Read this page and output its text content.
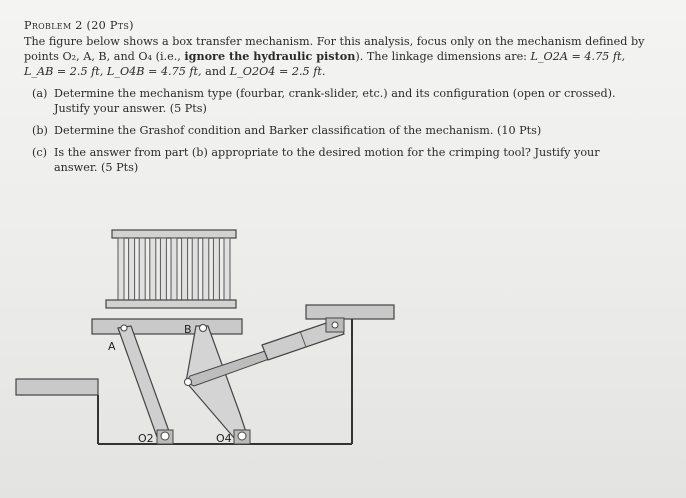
Problem 2 (20 Pts)

The figure below shows a box transfer mechanism. For this analysis, focus only on the mechanism defined by
points O₂, A, B, and O₄ (i.e., ignore the hydraulic piston). The linkage dimensions are: L_O2A = 4.75 ft,
L_AB = 2.5 ft, L_O4B = 4.75 ft, and L_O2O4 = 2.5 ft.

(a) Determine the mechanism type (fourbar, crank-slider, etc.) and its configuration (open or crossed).
Justify your answer. (5 Pts)
(b) Determine the Grashof condition and Barker classification of the mechanism. (10 Pts)
(c) Is the answer from part (b) appropriate to the desired motion for the crimping tool? Justify your
answer. (5 Pts)
A
B
O2	O4
